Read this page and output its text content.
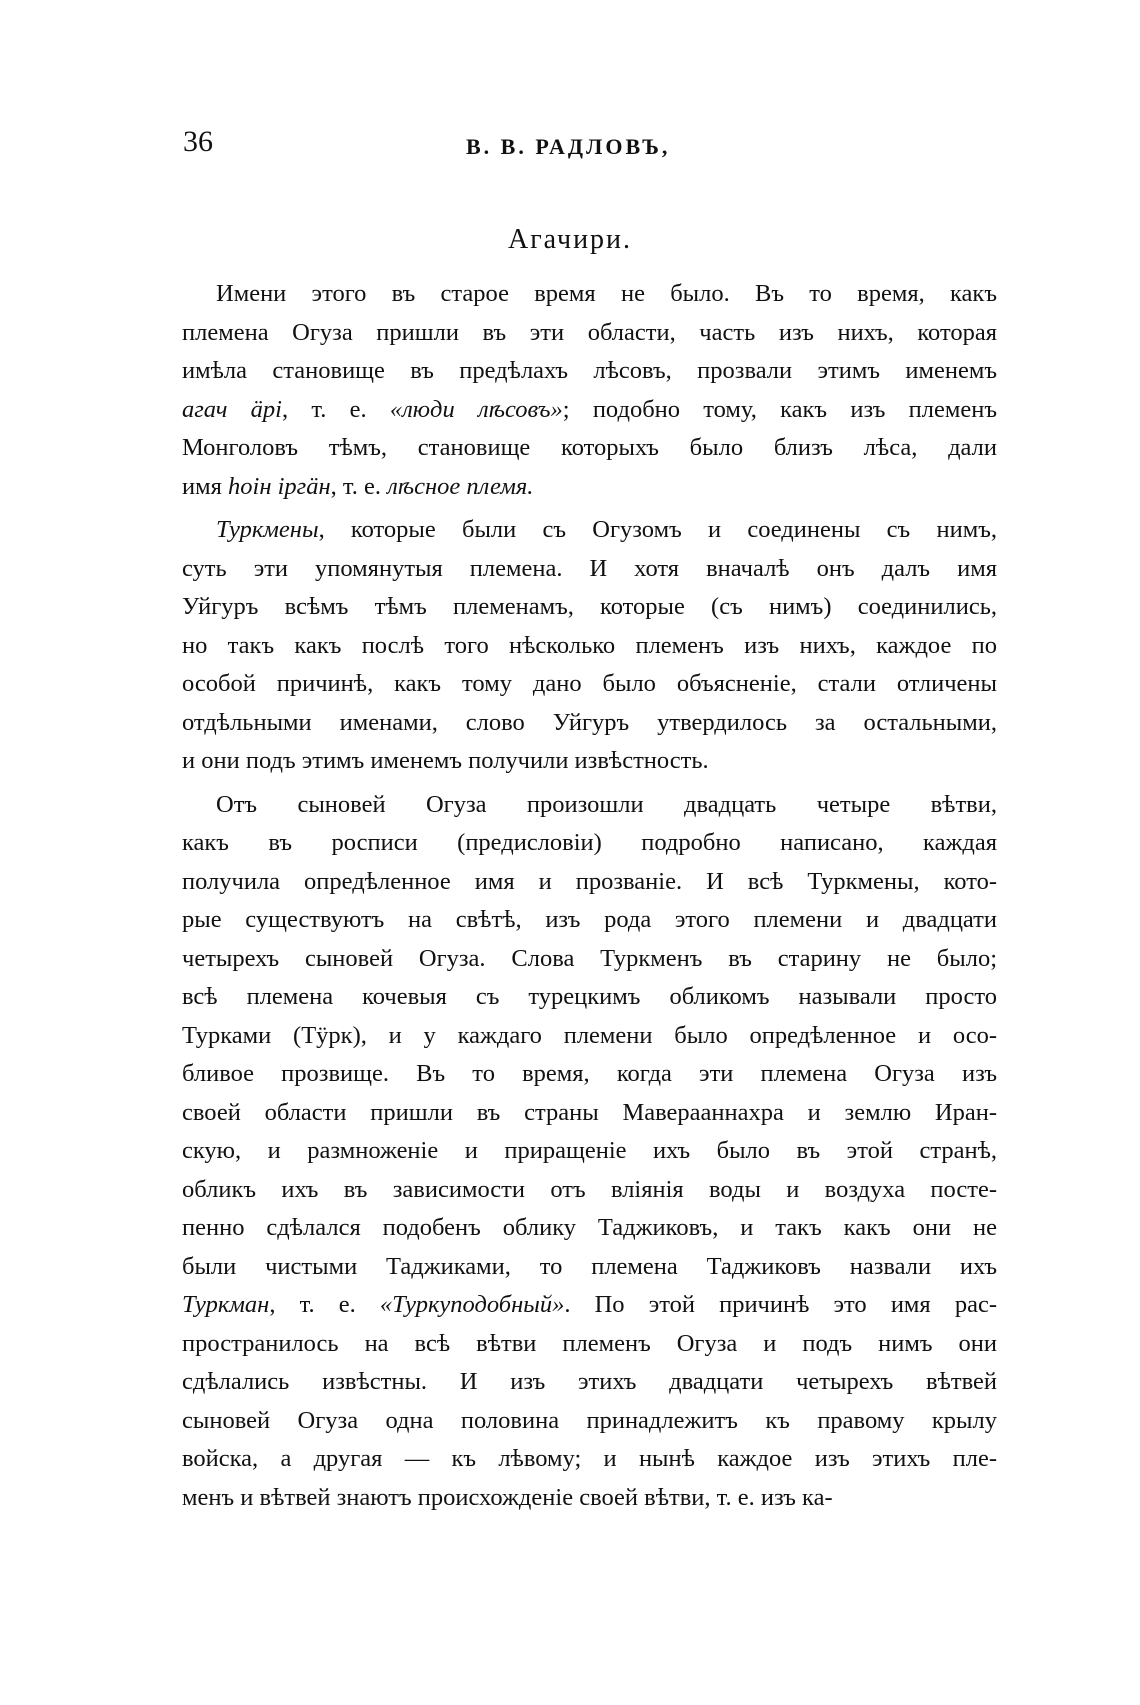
36	В. В. РАДЛОВЪ,
Агачири.
Имени этого въ старое время не было. Въ то время, какъ
племена Огуза пришли въ эти области, часть изъ нихъ, которая
имѣла становище въ предѣлахъ лѣсовъ, прозвали этимъ именемъ
агач äрі, т. е. «люди лѣсовъ»; подобно тому, какъ изъ племенъ
Монголовъ тѣмъ, становище которыхъ было близъ лѣса, дали
имя hoiн iргäн, т. е. лѣсное племя.
Туркмены, которые были съ Огузомъ и соединены съ нимъ,
суть эти упомянутыя племена. И хотя вначалѣ онъ далъ имя
Уйгуръ всѣмъ тѣмъ племенамъ, которые (съ нимъ) соединились,
но такъ какъ послѣ того нѣсколько племенъ изъ нихъ, каждое по
особой причинѣ, какъ тому дано было объясненіе, стали отличены
отдѣльными именами, слово Уйгуръ утвердилось за остальными,
и они подъ этимъ именемъ получили извѣстность.
Отъ сыновей Огуза произошли двадцать четыре вѣтви,
какъ въ росписи (предисловіи) подробно написано, каждая
получила опредѣленное имя и прозваніе. И всѣ Туркмены, кото-
рые существуютъ на свѣтѣ, изъ рода этого племени и двадцати
четырехъ сыновей Огуза. Слова Туркменъ въ старину не было;
всѣ племена кочевыя съ турецкимъ обликомъ называли просто
Турками (Тӱрк), и у каждаго племени было опредѣленное и осо-
бливое прозвище. Въ то время, когда эти племена Огуза изъ
своей области пришли въ страны Маверааннахра и землю Иран-
скую, и размноженіе и приращеніе ихъ было въ этой странѣ,
обликъ ихъ въ зависимости отъ вліянія воды и воздуха посте-
пенно сдѣлался подобенъ облику Таджиковъ, и такъ какъ они не
были чистыми Таджиками, то племена Таджиковъ назвали ихъ
Туркман, т. е. «Туркуподобный». По этой причинѣ это имя рас-
пространилось на всѣ вѣтви племенъ Огуза и подъ нимъ они
сдѣлались извѣстны. И изъ этихъ двадцати четырехъ вѣтвей
сыновей Огуза одна половина принадлежитъ къ правому крылу
войска, а другая — къ лѣвому; и нынѣ каждое изъ этихъ пле-
менъ и вѣтвей знаютъ происхожденіе своей вѣтви, т. е. изъ ка-
